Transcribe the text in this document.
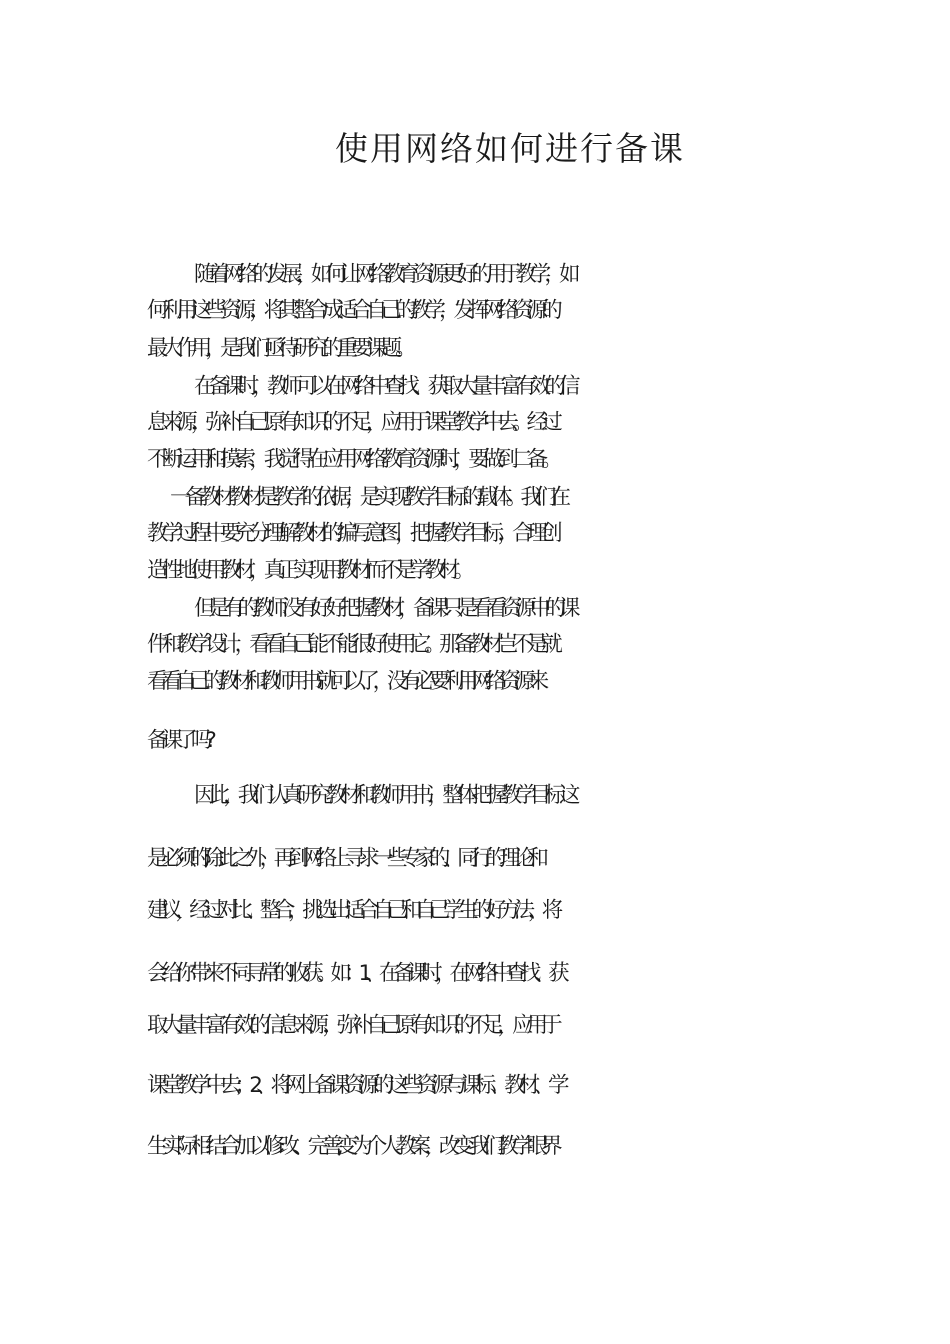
使用网络如何进行备课
随着网络的发展，如何让网络教育资源更好的用于教学，如
何利用这些资源，将其整合成适合自己的教学，发挥网络资源的
最大作用，是我们亟待研究的重要课题。
在备课时，教师可以在网络中查找、获取大量丰富有效的信
息来源，弥补自己原有知识的不足，应用于课堂教学中去。经过
不断运用和摸索，我觉得在应用网络教育资源时，要做到二备。
一备教材教材是教学的依据，是实现教学目标的载体。我们在
教学过程中要充分理解教材的编写意图，把握教学目标，合理创
造性地使用教材，真正实现用教材而不是学教材。
但是有的教师没有好好把握教材，备课只是看看资源中的课
件和教学设计，看看自己能不能很好使用它。那备教材岂不是就
看看自己的教材和教师用书就可以了，没有必要利用网络资源来
备课了吗?
因此，我们认真研究教材和教师用书，整体把握教学目标这
是必须的;除此之外，再到网络上寻求一些专家的、同行的理论和
建议，经过对比、整合，挑选出适合自己和自己学生的好方法，将
会给你带来不同寻常的收获。如：1、在备课时，在网络中查找、获
取大量丰富有效的信息来源，弥补自己原有知识的不足，应用于
课堂教学中去；2、将网上备课资源的这些资源与课标、教材、学
生实际相结合加以修改、完善,变为个人教案，改变我们教学眼界
